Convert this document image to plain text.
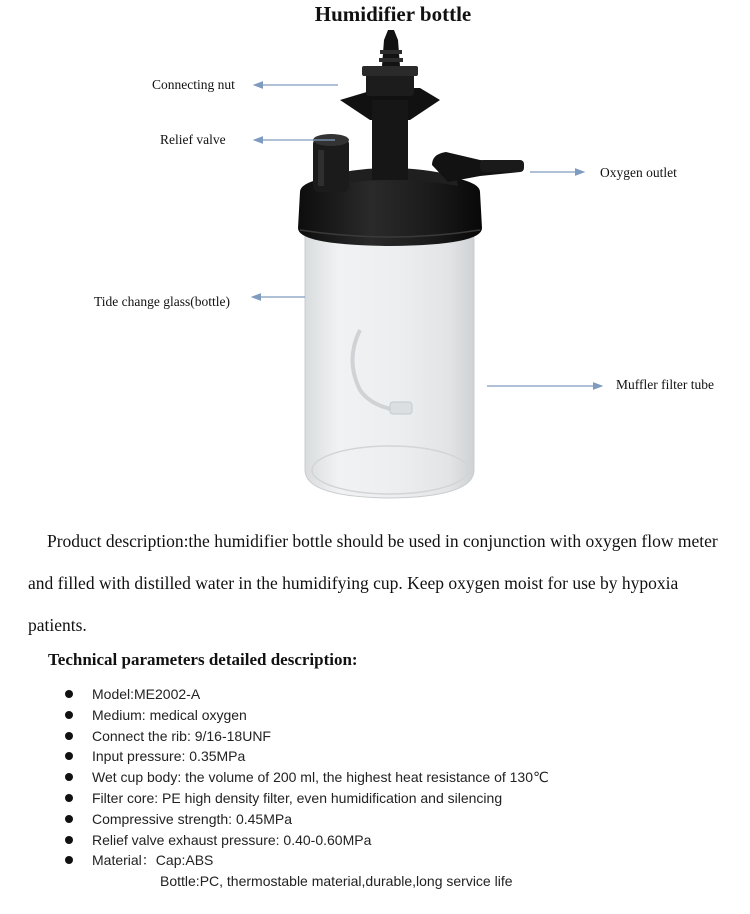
Humidifier bottle
Connecting nut
Relief valve
Oxygen outlet
Tide change glass(bottle)
Muffler filter tube

Product description:the humidifier bottle should be used in conjunction with oxygen flow meter and filled with distilled water in the humidifying cup. Keep oxygen moist for use by hypoxia patients.

Technical parameters detailed description:
Model:ME2002-A
Medium: medical oxygen
Connect the rib: 9/16-18UNF
Input pressure: 0.35MPa
Wet cup body: the volume of 200 ml, the highest heat resistance of 130℃
Filter core: PE high density filter, even humidification and silencing
Compressive strength: 0.45MPa
Relief valve exhaust pressure: 0.40-0.60MPa
Material：Cap:ABS
Bottle:PC, thermostable material,durable,long service life
